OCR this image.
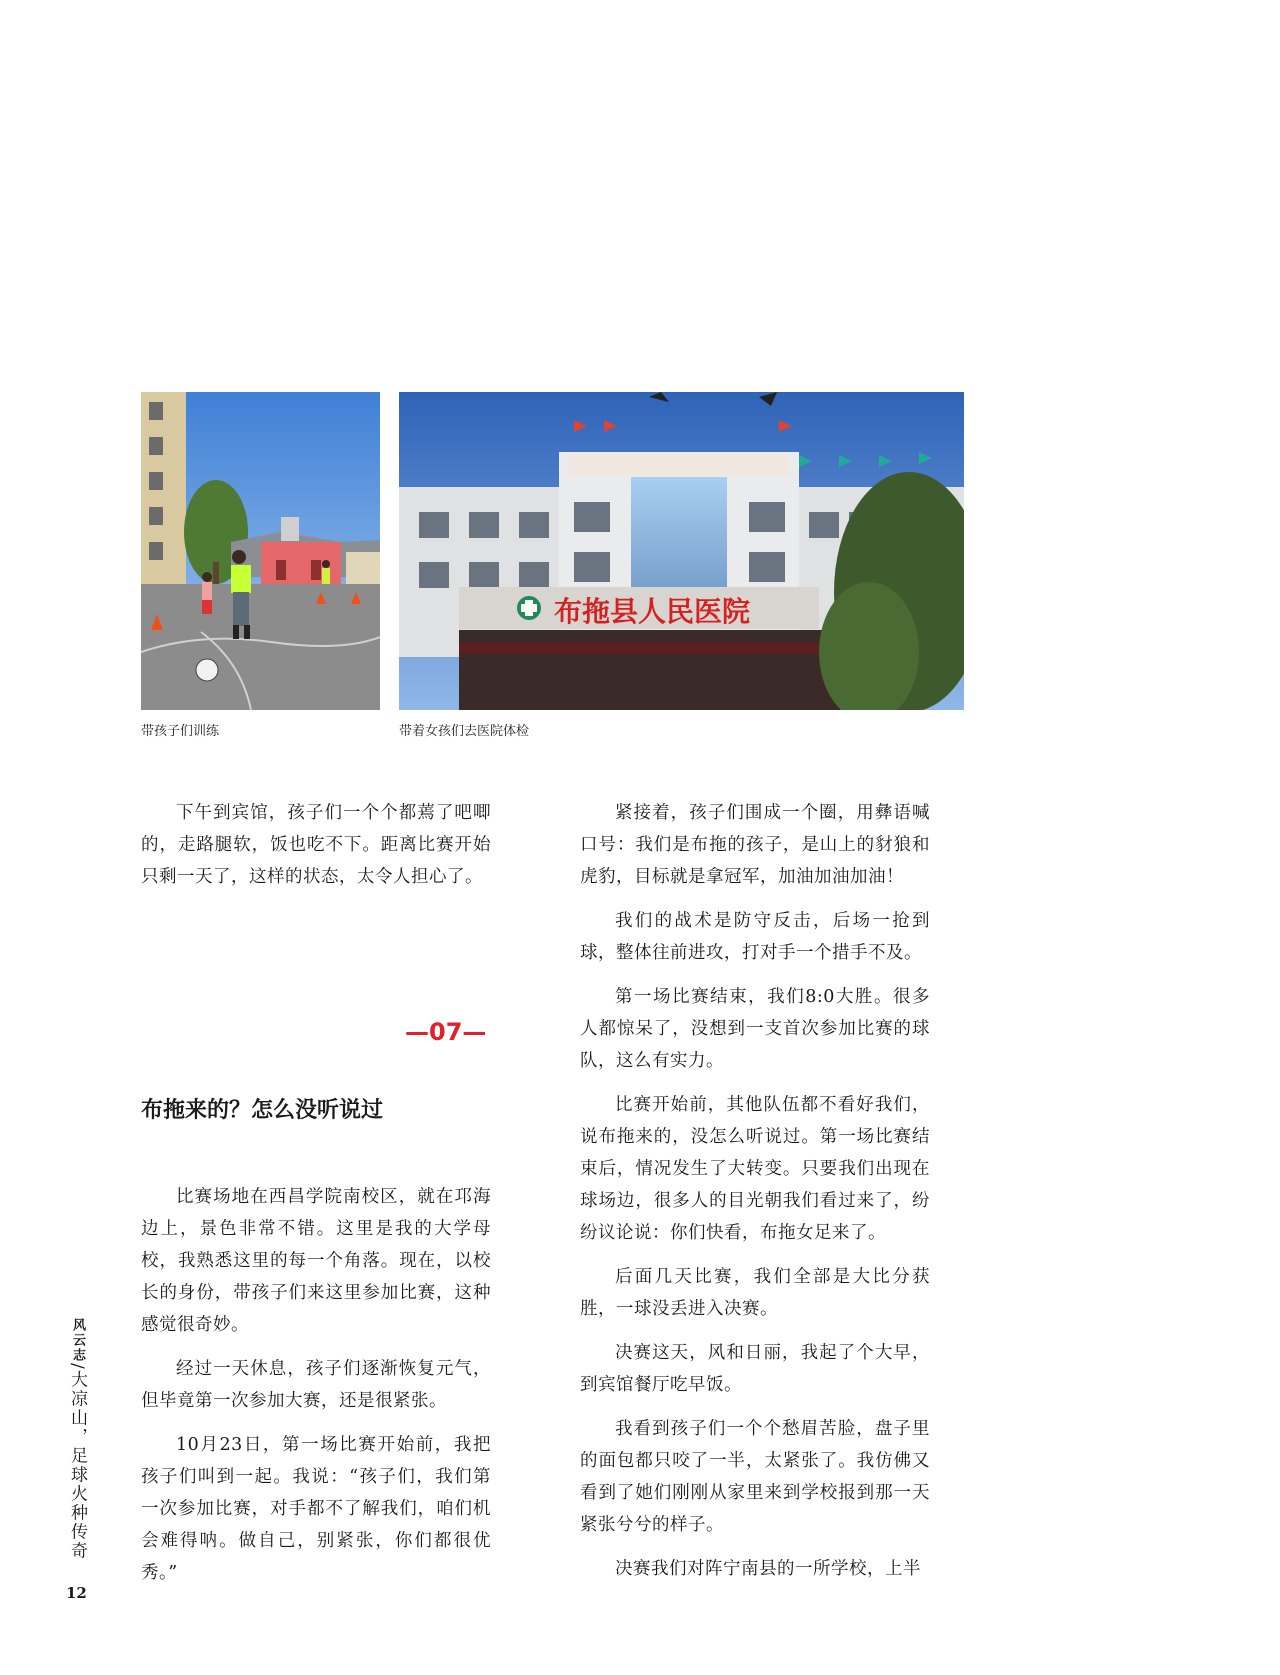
布拖县人民医院
带孩子们训练	带着女孩们去医院体检

下午到宾馆，孩子们一个个都蔫了吧唧的，走路腿软，饭也吃不下。距离比赛开始只剩一天了，这样的状态，太令人担心了。

—07—
布拖来的？怎么没听说过

比赛场地在西昌学院南校区，就在邛海边上，景色非常不错。这里是我的大学母校，我熟悉这里的每一个角落。现在，以校长的身份，带孩子们来这里参加比赛，这种感觉很奇妙。

经过一天休息，孩子们逐渐恢复元气，但毕竟第一次参加大赛，还是很紧张。

10月23日，第一场比赛开始前，我把孩子们叫到一起。我说：“孩子们，我们第一次参加比赛，对手都不了解我们，咱们机会难得呐。做自己，别紧张，你们都很优秀。”

紧接着，孩子们围成一个圈，用彝语喊口号：我们是布拖的孩子，是山上的豺狼和虎豹，目标就是拿冠军，加油加油加油！

我们的战术是防守反击，后场一抢到球，整体往前进攻，打对手一个措手不及。

第一场比赛结束，我们8:0大胜。很多人都惊呆了，没想到一支首次参加比赛的球队，这么有实力。

比赛开始前，其他队伍都不看好我们，说布拖来的，没怎么听说过。第一场比赛结束后，情况发生了大转变。只要我们出现在球场边，很多人的目光朝我们看过来了，纷纷议论说：你们快看，布拖女足来了。

后面几天比赛，我们全部是大比分获胜，一球没丢进入决赛。

决赛这天，风和日丽，我起了个大早，到宾馆餐厅吃早饭。

我看到孩子们一个个愁眉苦脸，盘子里的面包都只咬了一半，太紧张了。我仿佛又看到了她们刚刚从家里来到学校报到那一天紧张兮兮的样子。

决赛我们对阵宁南县的一所学校，上半

风云志/大凉山，足球火种传奇
12
